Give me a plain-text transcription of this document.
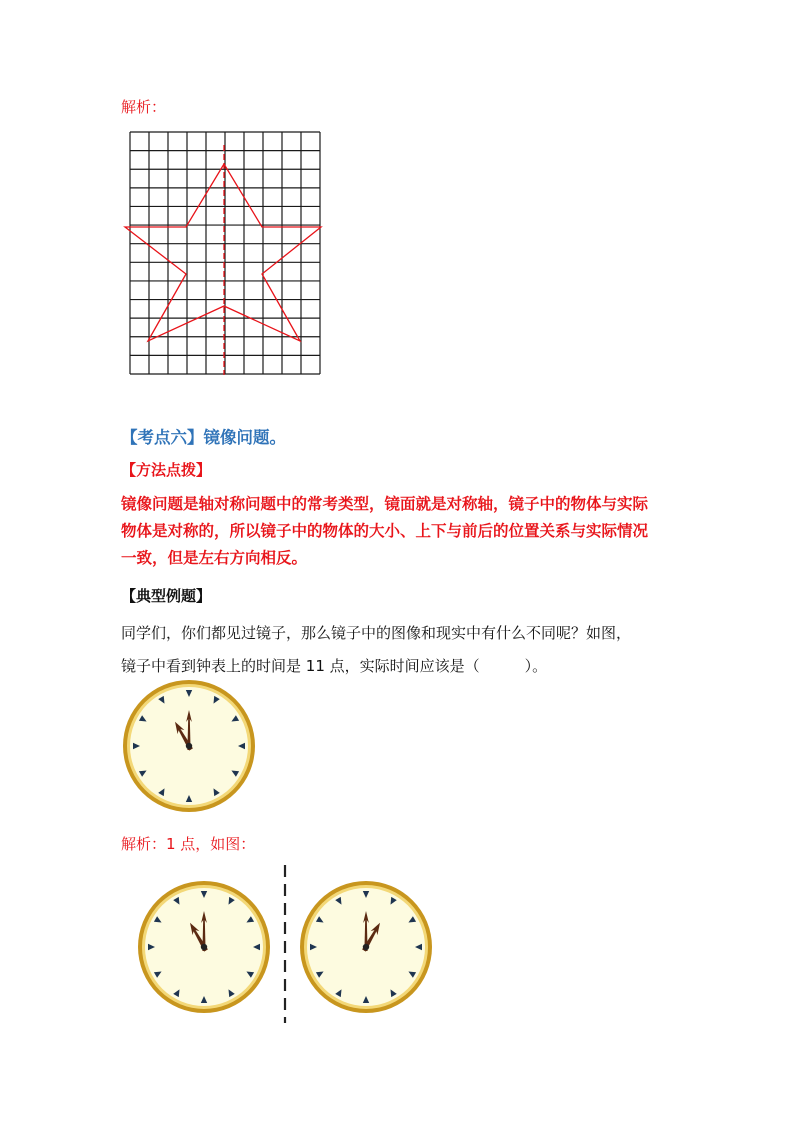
解析：
【考点六】镜像问题。
【方法点拨】
镜像问题是轴对称问题中的常考类型，镜面就是对称轴，镜子中的物体与实际
物体是对称的，所以镜子中的物体的大小、上下与前后的位置关系与实际情况
一致，但是左右方向相反。
【典型例题】
同学们，你们都见过镜子，那么镜子中的图像和现实中有什么不同呢？如图，
镜子中看到钟表上的时间是 11 点，实际时间应该是（　　　）。
解析：1 点，如图：
